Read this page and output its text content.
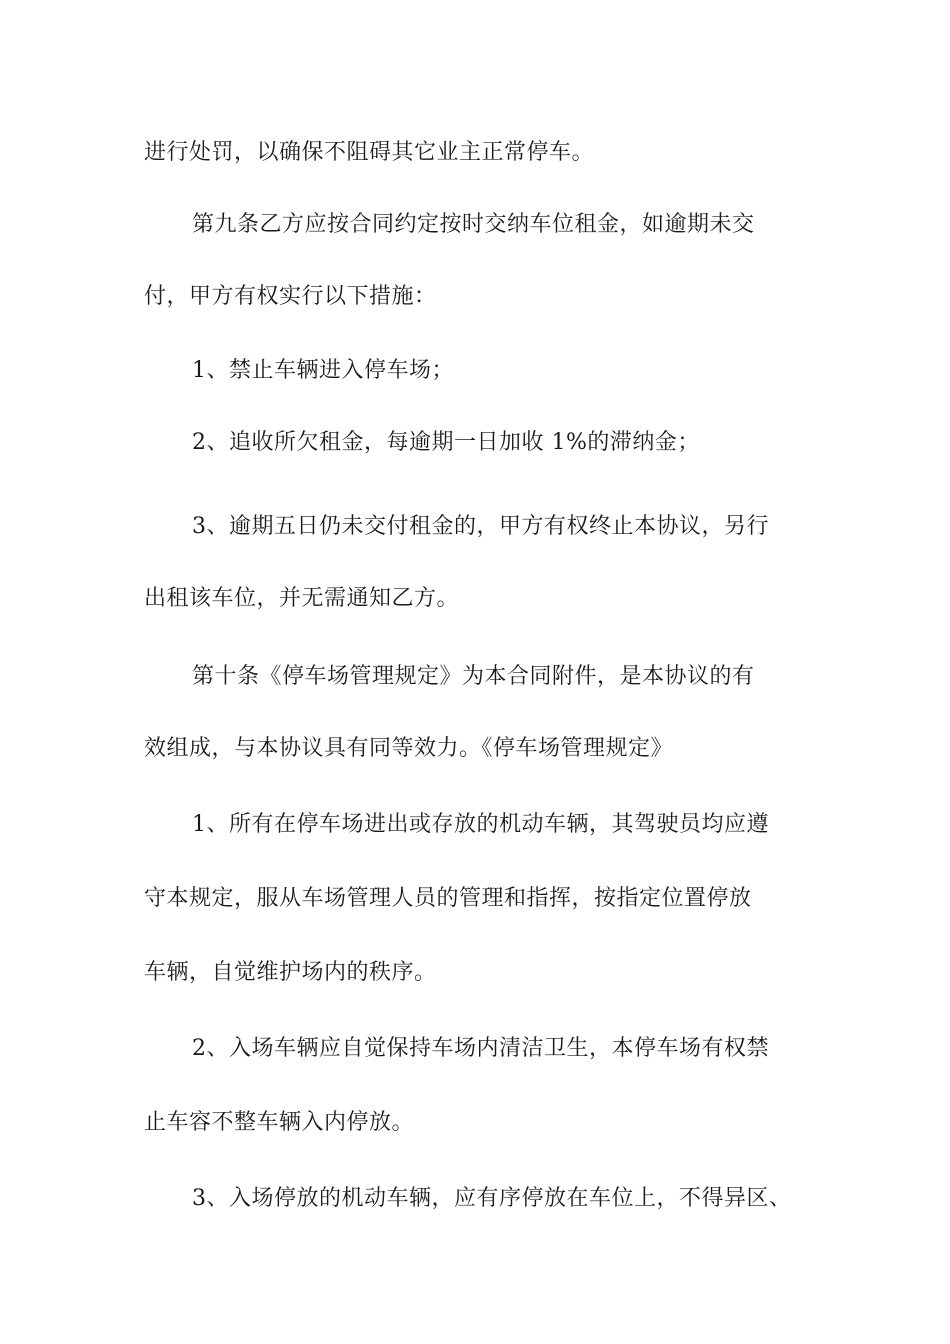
进行处罚，以确保不阻碍其它业主正常停车。
第九条乙方应按合同约定按时交纳车位租金，如逾期未交
付，甲方有权实行以下措施：
1、禁止车辆进入停车场；
2、追收所欠租金，每逾期一日加收 1%的滞纳金；
3、逾期五日仍未交付租金的，甲方有权终止本协议，另行
出租该车位，并无需通知乙方。
第十条《停车场管理规定》为本合同附件，是本协议的有
效组成，与本协议具有同等效力。《停车场管理规定》
1、所有在停车场进出或存放的机动车辆，其驾驶员均应遵
守本规定，服从车场管理人员的管理和指挥，按指定位置停放
车辆，自觉维护场内的秩序。
2、入场车辆应自觉保持车场内清洁卫生，本停车场有权禁
止车容不整车辆入内停放。
3、入场停放的机动车辆，应有序停放在车位上，不得异区、
